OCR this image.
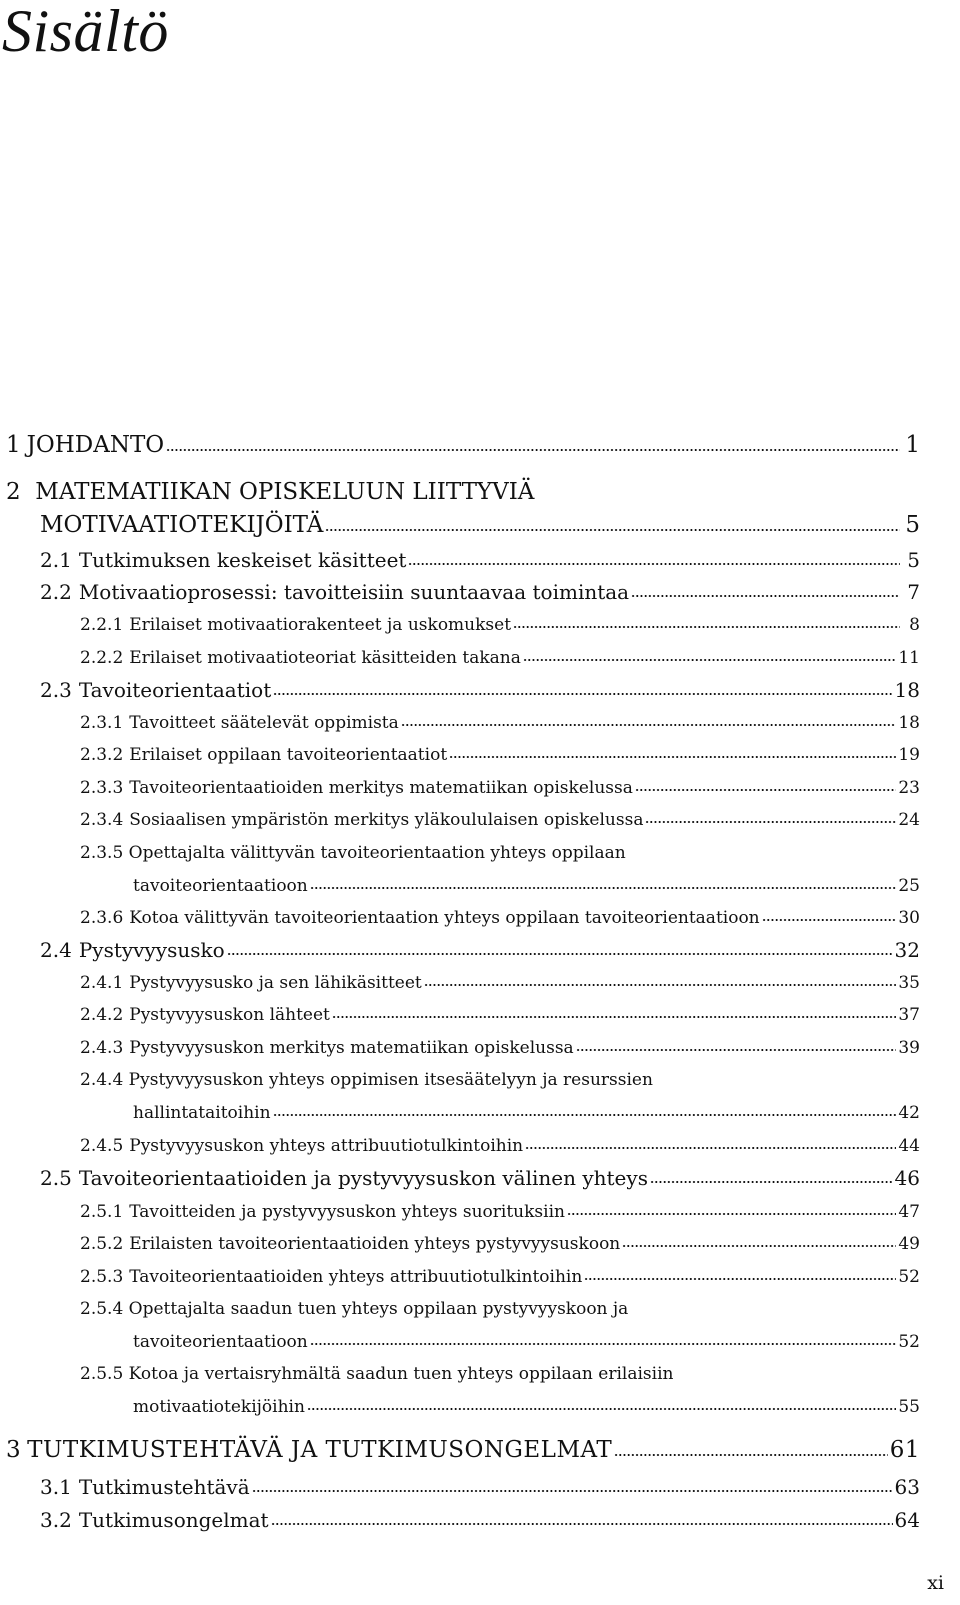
Sisältö
1 JOHDANTO	1
2 MATEMATIIKAN OPISKELUUN LIITTYVIÄ
MOTIVAATIOTEKIJÖITÄ	5
2.1 Tutkimuksen keskeiset käsitteet	5
2.2 Motivaatioprosessi: tavoitteisiin suuntaavaa toimintaa	7
2.2.1 Erilaiset motivaatiorakenteet ja uskomukset	8
2.2.2 Erilaiset motivaatioteoriat käsitteiden takana	11
2.3 Tavoiteorientaatiot	18
2.3.1 Tavoitteet säätelevät oppimista	18
2.3.2 Erilaiset oppilaan tavoiteorientaatiot	19
2.3.3 Tavoiteorientaatioiden merkitys matematiikan opiskelussa	23
2.3.4 Sosiaalisen ympäristön merkitys yläkoululaisen opiskelussa	24
2.3.5 Opettajalta välittyvän tavoiteorientaation yhteys oppilaan
tavoiteorientaatioon	25
2.3.6 Kotoa välittyvän tavoiteorientaation yhteys oppilaan tavoiteorientaatioon	30
2.4 Pystyvyysusko	32
2.4.1 Pystyvyysusko ja sen lähikäsitteet	35
2.4.2 Pystyvyysuskon lähteet	37
2.4.3 Pystyvyysuskon merkitys matematiikan opiskelussa	39
2.4.4 Pystyvyysuskon yhteys oppimisen itsesäätelyyn ja resurssien
hallintataitoihin	42
2.4.5 Pystyvyysuskon yhteys attribuutiotulkintoihin	44
2.5 Tavoiteorientaatioiden ja pystyvyysuskon välinen yhteys	46
2.5.1 Tavoitteiden ja pystyvyysuskon yhteys suorituksiin	47
2.5.2 Erilaisten tavoiteorientaatioiden yhteys pystyvyysuskoon	49
2.5.3 Tavoiteorientaatioiden yhteys attribuutiotulkintoihin	52
2.5.4 Opettajalta saadun tuen yhteys oppilaan pystyvyyskoon ja
tavoiteorientaatioon	52
2.5.5 Kotoa ja vertaisryhmältä saadun tuen yhteys oppilaan erilaisiin
motivaatiotekijöihin	55
3 TUTKIMUSTEHTÄVÄ JA TUTKIMUSONGELMAT	61
3.1 Tutkimustehtävä	63
3.2 Tutkimusongelmat	64
xi
